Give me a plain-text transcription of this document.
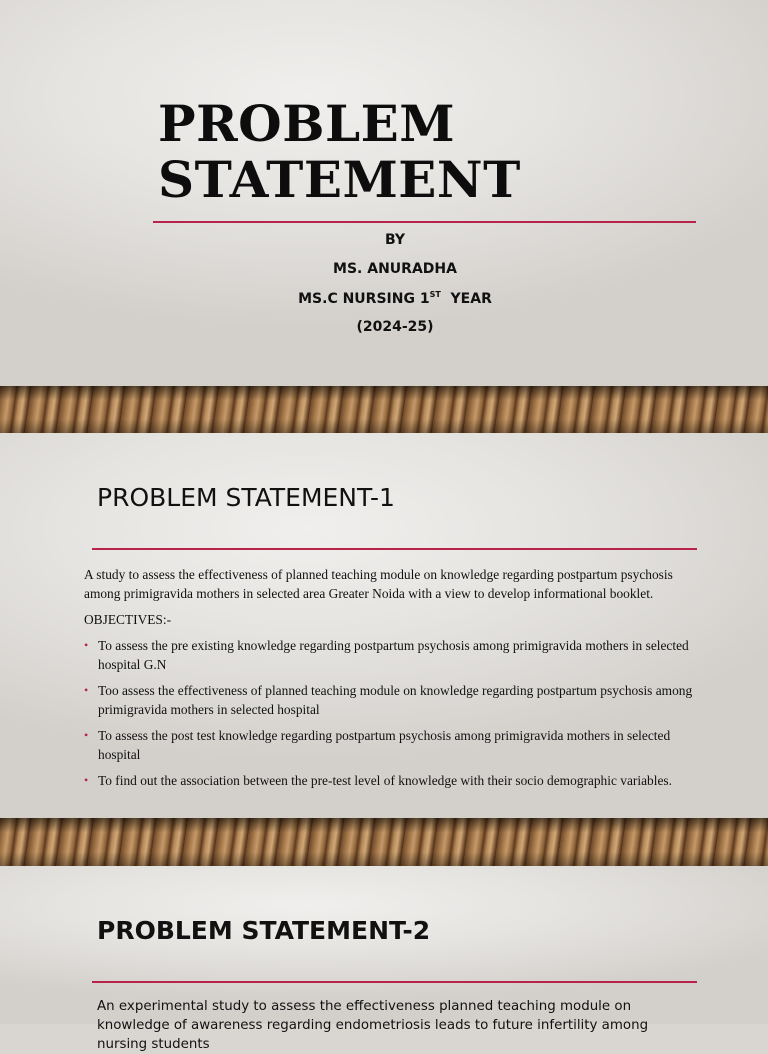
PROBLEM
STATEMENT
BY
MS. ANURADHA
MS.C NURSING 1ST YEAR
(2024-25)
PROBLEM STATEMENT-1

A study to assess the effectiveness of planned teaching module on knowledge regarding postpartum psychosis among primigravida mothers in selected area Greater Noida with a view to develop informational booklet.

OBJECTIVES:-

• To assess the pre existing knowledge regarding postpartum psychosis among primigravida mothers in selected hospital G.N
• Too assess the effectiveness of planned teaching module on knowledge regarding postpartum psychosis among primigravida mothers in selected hospital
• To assess the post test knowledge regarding postpartum psychosis among primigravida mothers in selected hospital
• To find out the association between the pre-test level of knowledge with their socio demographic variables.
PROBLEM STATEMENT-2
An experimental study to assess the effectiveness planned teaching module on knowledge of awareness regarding endometriosis leads to future infertility among nursing students
